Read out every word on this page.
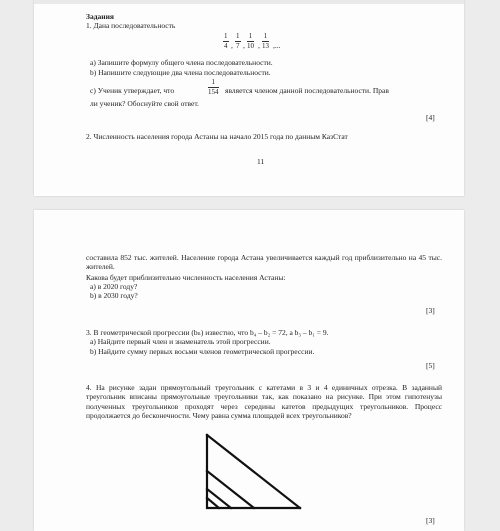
Задания
1. Дана последовательность
1
4 ,
1
7 ,
1
10 ,
1
13 ,...
a) Запишите формулу общего члена последовательности.
b) Напишите следующие два члена последовательности.
c) Ученик утверждает, что
1
154 является членом данной последовательности. Прав
ли ученик? Обоснуйте свой ответ.
[4]
2. Численность населения города Астаны на начало 2015 года по данным КазСтат
11
составила 852 тыс. жителей. Население города Астана увеличивается каждый год приблизительно на 45 тыс. жителей.
Какова будет приблизительно численность населения Астаны:
а) в 2020 году?
b) в 2030 году?
[3]
3. В геометрической прогрессии (bₙ) известно, что b₄ – b₂ = 72, а b₃ – b₁ = 9.
а) Найдите первый член и знаменатель этой прогрессии.
b) Найдите сумму первых восьми членов геометрической прогрессии.
[5]
4. На рисунке задан прямоугольный треугольник с катетами в 3 и 4 единичных отрезка. В заданный треугольник вписаны прямоугольные треугольники так, как показано на рисунке. При этом гипотенузы полученных треугольников проходят через середины катетов предыдущих треугольников. Процесс продолжается до бесконечности. Чему равна сумма площадей всех треугольников?
[3]
